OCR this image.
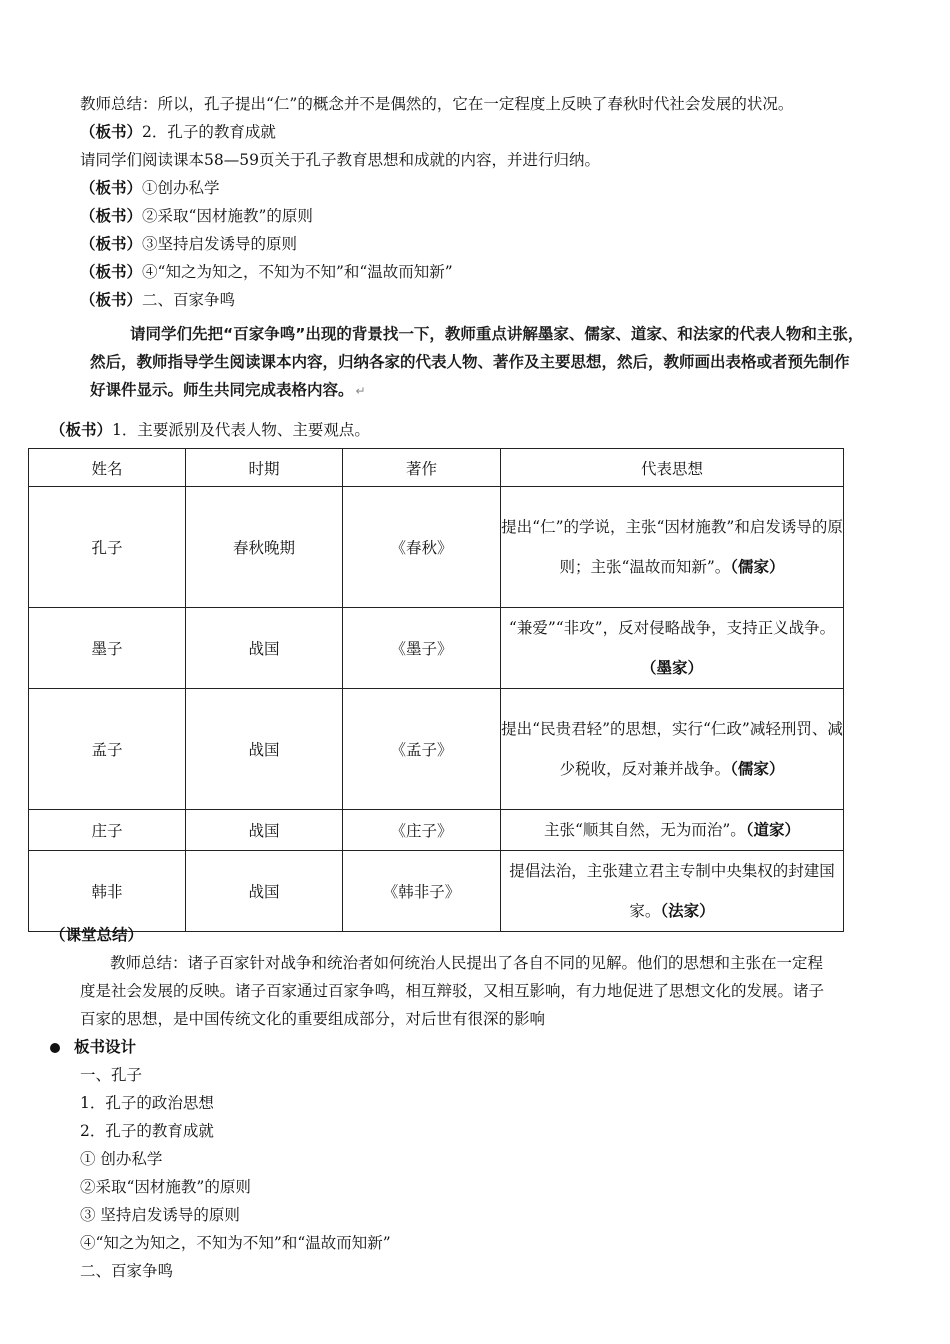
教师总结：所以，孔子提出“仁”的概念并不是偶然的，它在一定程度上反映了春秋时代社会发展的状况。
（板书）2．孔子的教育成就
请同学们阅读课本58—59页关于孔子教育思想和成就的内容，并进行归纳。
（板书）①创办私学
（板书）②采取“因材施教”的原则
（板书）③坚持启发诱导的原则
（板书）④“知之为知之，不知为不知”和“温故而知新”
（板书）二、百家争鸣
请同学们先把“百家争鸣”出现的背景找一下，教师重点讲解墨家、儒家、道家、和法家的代表人物和主张，
然后，教师指导学生阅读课本内容，归纳各家的代表人物、著作及主要思想，然后，教师画出表格或者预先制作
好课件显示。师生共同完成表格内容。 ↵
（板书）1．主要派别及代表人物、主要观点。
姓名	时期	著作	代表思想
孔子	春秋晚期	《春秋》	提出“仁”的学说，主张“因材施教”和启发诱导的原则；主张“温故而知新”。（儒家）
墨子	战国	《墨子》	“兼爱”“非攻”，反对侵略战争，支持正义战争。（墨家）
孟子	战国	《孟子》	提出“民贵君轻”的思想，实行“仁政”减轻刑罚、减少税收，反对兼并战争。（儒家）
庄子	战国	《庄子》	主张“顺其自然，无为而治”。（道家）
韩非	战国	《韩非子》	提倡法治，主张建立君主专制中央集权的封建国家。（法家）
（课堂总结）
教师总结：诸子百家针对战争和统治者如何统治人民提出了各自不同的见解。他们的思想和主张在一定程
度是社会发展的反映。诸子百家通过百家争鸣，相互辩驳，又相互影响，有力地促进了思想文化的发展。诸子
百家的思想，是中国传统文化的重要组成部分，对后世有很深的影响
板书设计
一、孔子
1．孔子的政治思想
2．孔子的教育成就
① 创办私学
②采取“因材施教”的原则
③ 坚持启发诱导的原则
④“知之为知之，不知为不知”和“温故而知新”
二、百家争鸣
